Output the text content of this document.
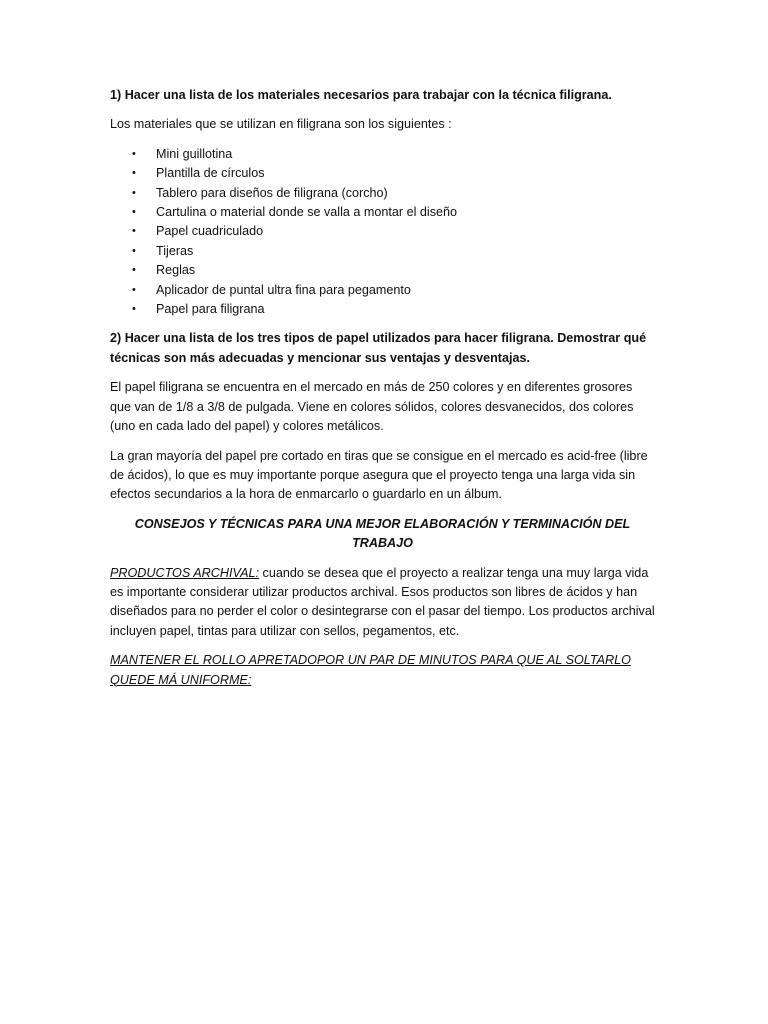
1) Hacer una lista de los materiales necesarios para trabajar con la técnica filigrana.

Los materiales que se utilizan en filigrana son los siguientes :

• Mini guillotina
• Plantilla de círculos
• Tablero para diseños de filigrana (corcho)
• Cartulina o material donde se valla a montar el diseño
• Papel cuadriculado
• Tijeras
• Reglas
• Aplicador de puntal ultra fina para pegamento
• Papel para filigrana

2) Hacer una lista de los tres tipos de papel utilizados para hacer filigrana. Demostrar qué técnicas son más adecuadas y mencionar sus ventajas y desventajas.

El papel filigrana se encuentra en el mercado en más de 250 colores y en diferentes grosores que van de 1/8 a 3/8 de pulgada. Viene en colores sólidos, colores desvanecidos, dos colores (uno en cada lado del papel) y colores metálicos.

La gran mayoría del papel pre cortado en tiras que se consigue en el mercado es acid-free (libre de ácidos), lo que es muy importante porque asegura que el proyecto tenga una larga vida sin efectos secundarios a la hora de enmarcarlo o guardarlo en un álbum.

CONSEJOS Y TÉCNICAS PARA UNA MEJOR ELABORACIÓN Y TERMINACIÓN DEL TRABAJO

PRODUCTOS ARCHIVAL: cuando se desea que el proyecto a realizar tenga una muy larga vida es importante considerar utilizar productos archival. Esos productos son libres de ácidos y han diseñados para no perder el color o desintegrarse con el pasar del tiempo. Los productos archival incluyen papel, tintas para utilizar con sellos, pegamentos, etc.

MANTENER EL ROLLO APRETADOPOR UN PAR DE MINUTOS PARA QUE AL SOLTARLO QUEDE MÁ UNIFORME:
